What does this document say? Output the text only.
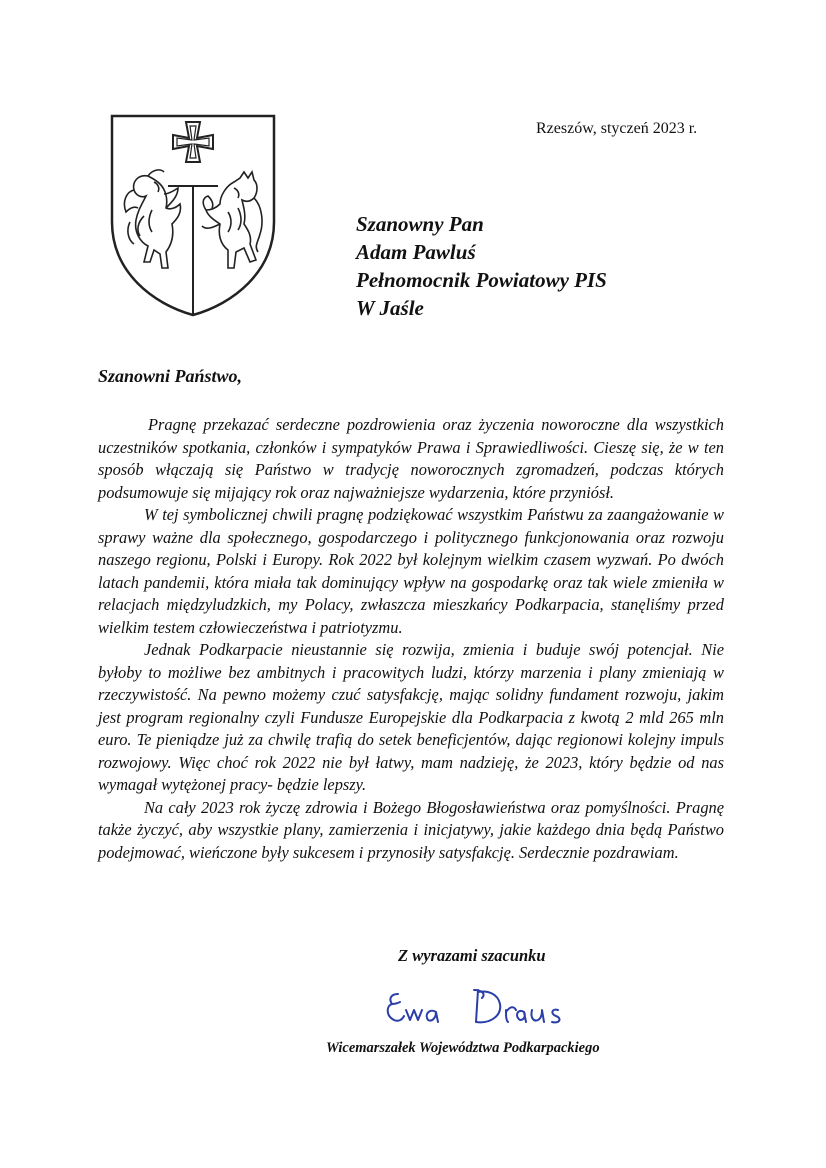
Rzeszów, styczeń 2023 r.
Szanowny Pan
Adam Pawluś
Pełnomocnik Powiatowy PIS
W Jaśle
Szanowni Państwo,

Pragnę przekazać serdeczne pozdrowienia oraz życzenia noworoczne dla wszystkich uczestników spotkania, członków i sympatyków Prawa i Sprawiedliwości. Cieszę się, że w ten sposób włączają się Państwo w tradycję noworocznych zgromadzeń, podczas których podsumowuje się mijający rok oraz najważniejsze wydarzenia, które przyniósł.

W tej symbolicznej chwili pragnę podziękować wszystkim Państwu za zaangażowanie w sprawy ważne dla społecznego, gospodarczego i politycznego funkcjonowania oraz rozwoju naszego regionu, Polski i Europy. Rok 2022 był kolejnym wielkim czasem wyzwań. Po dwóch latach pandemii, która miała tak dominujący wpływ na gospodarkę oraz tak wiele zmieniła w relacjach międzyludzkich, my Polacy, zwłaszcza mieszkańcy Podkarpacia, stanęliśmy przed wielkim testem człowieczeństwa i patriotyzmu.

Jednak Podkarpacie nieustannie się rozwija, zmienia i buduje swój potencjał. Nie byłoby to możliwe bez ambitnych i pracowitych ludzi, którzy marzenia i plany zmieniają w rzeczywistość. Na pewno możemy czuć satysfakcję, mając solidny fundament rozwoju, jakim jest program regionalny czyli Fundusze Europejskie dla Podkarpacia z kwotą 2 mld 265 mln euro. Te pieniądze już za chwilę trafią do setek beneficjentów, dając regionowi kolejny impuls rozwojowy. Więc choć rok 2022 nie był łatwy, mam nadzieję, że 2023, który będzie od nas wymagał wytężonej pracy- będzie lepszy.

Na cały 2023 rok życzę zdrowia i Bożego Błogosławieństwa oraz pomyślności. Pragnę także życzyć, aby wszystkie plany, zamierzenia i inicjatywy, jakie każdego dnia będą Państwo podejmować, wieńczone były sukcesem i przynosiły satysfakcję. Serdecznie pozdrawiam.

Z wyrazami szacunku
Wicemarszałek Województwa Podkarpackiego
